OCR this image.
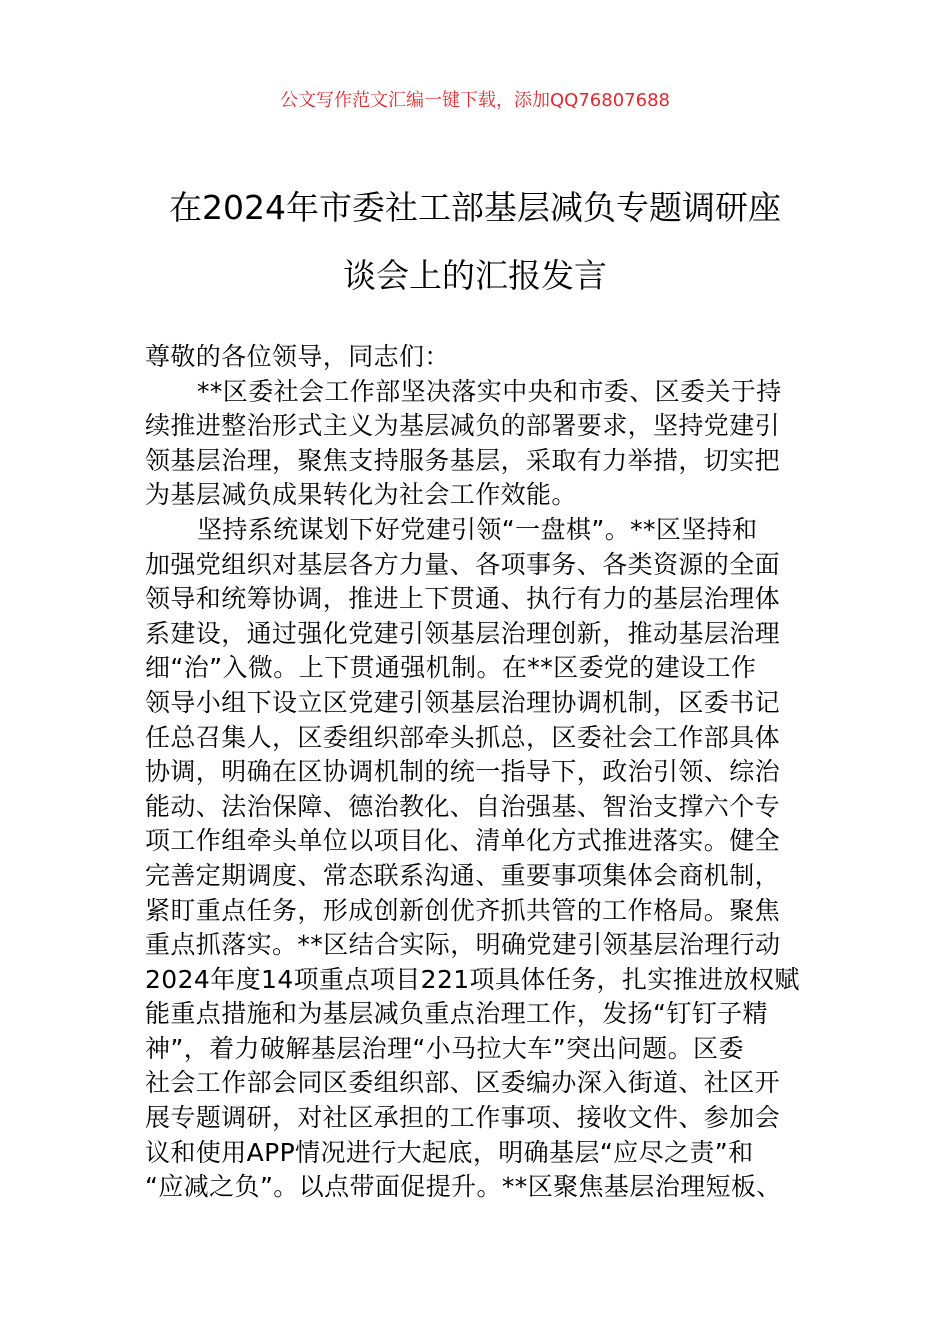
公文写作范文汇编一键下载，添加QQ76807688
在2024年市委社工部基层减负专题调研座
谈会上的汇报发言
尊敬的各位领导，同志们：
**区委社会工作部坚决落实中央和市委、区委关于持
续推进整治形式主义为基层减负的部署要求，坚持党建引
领基层治理，聚焦支持服务基层，采取有力举措，切实把
为基层减负成果转化为社会工作效能。
坚持系统谋划下好党建引领“一盘棋”。**区坚持和
加强党组织对基层各方力量、各项事务、各类资源的全面
领导和统筹协调，推进上下贯通、执行有力的基层治理体
系建设，通过强化党建引领基层治理创新，推动基层治理
细“治”入微。上下贯通强机制。在**区委党的建设工作
领导小组下设立区党建引领基层治理协调机制，区委书记
任总召集人，区委组织部牵头抓总，区委社会工作部具体
协调，明确在区协调机制的统一指导下，政治引领、综治
能动、法治保障、德治教化、自治强基、智治支撑六个专
项工作组牵头单位以项目化、清单化方式推进落实。健全
完善定期调度、常态联系沟通、重要事项集体会商机制，
紧盯重点任务，形成创新创优齐抓共管的工作格局。聚焦
重点抓落实。**区结合实际，明确党建引领基层治理行动
2024年度14项重点项目221项具体任务，扎实推进放权赋
能重点措施和为基层减负重点治理工作，发扬“钉钉子精
神”，着力破解基层治理“小马拉大车”突出问题。区委
社会工作部会同区委组织部、区委编办深入街道、社区开
展专题调研，对社区承担的工作事项、接收文件、参加会
议和使用APP情况进行大起底，明确基层“应尽之责”和
“应减之负”。以点带面促提升。**区聚焦基层治理短板、
